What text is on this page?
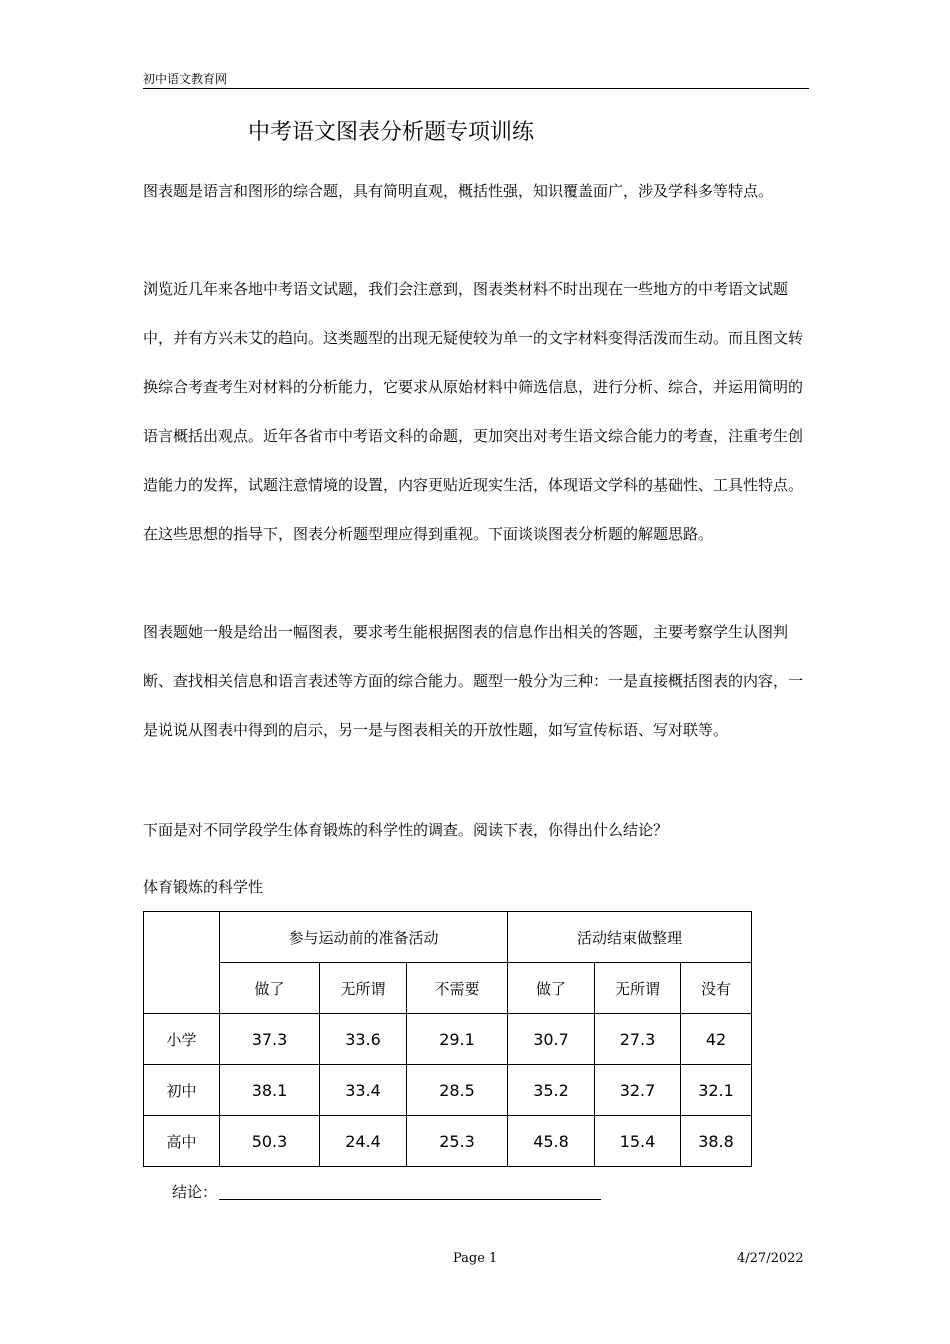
初中语文教育网
中考语文图表分析题专项训练

图表题是语言和图形的综合题，具有简明直观，概括性强，知识覆盖面广，涉及学科多等特点。

浏览近几年来各地中考语文试题，我们会注意到，图表类材料不时出现在一些地方的中考语文试题中，并有方兴未艾的趋向。这类题型的出现无疑使较为单一的文字材料变得活泼而生动。而且图文转换综合考查考生对材料的分析能力，它要求从原始材料中筛选信息，进行分析、综合，并运用简明的语言概括出观点。近年各省市中考语文科的命题，更加突出对考生语文综合能力的考查，注重考生创造能力的发挥，试题注意情境的设置，内容更贴近现实生活，体现语文学科的基础性、工具性特点。在这些思想的指导下，图表分析题型理应得到重视。下面谈谈图表分析题的解题思路。

图表题她一般是给出一幅图表，要求考生能根据图表的信息作出相关的答题，主要考察学生认图判断、查找相关信息和语言表述等方面的综合能力。题型一般分为三种：一是直接概括图表的内容，一是说说从图表中得到的启示，另一是与图表相关的开放性题，如写宣传标语、写对联等。

下面是对不同学段学生体育锻炼的科学性的调查。阅读下表，你得出什么结论？

体育锻炼的科学性
	参与运动前的准备活动			活动结束做整理		
	做了	无所谓	不需要	做了	无所谓	没有
小学	37.3	33.6	29.1	30.7	27.3	42
初中	38.1	33.4	28.5	35.2	32.7	32.1
高中	50.3	24.4	25.3	45.8	15.4	38.8
结论：
Page 1	4/27/2022
